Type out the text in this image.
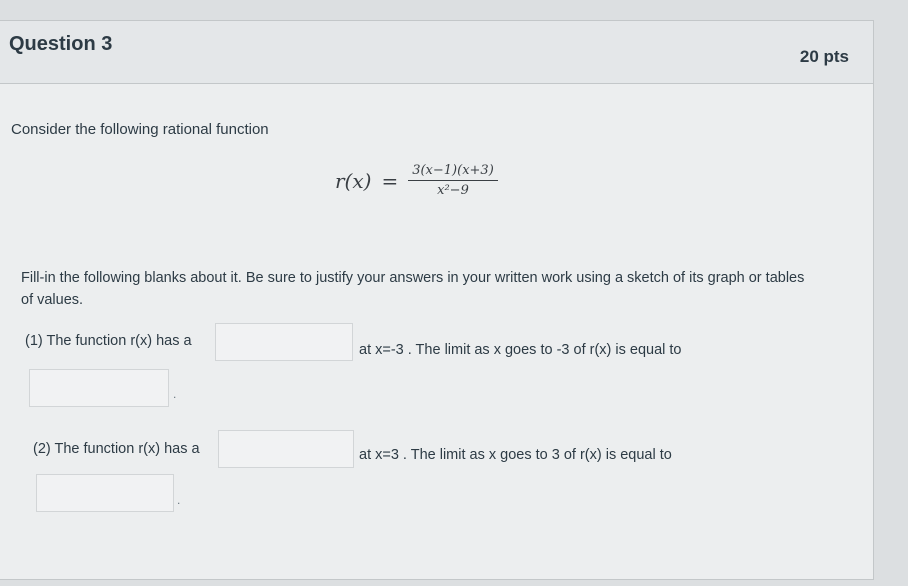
Question 3
20 pts
Consider the following rational function
$r(x) = \frac{3(x-1)(x+3)}{\text{x²−9}}$
Fill-in the following blanks about it. Be sure to justify your answers in your written work using a sketch of its graph or tables of values.
(1) The function r(x) has a
at x=-3 . The limit as x goes to -3 of r(x) is equal to
.
(2) The function r(x) has a	at x=3 . The limit as x goes to 3 of r(x) is equal to
.
